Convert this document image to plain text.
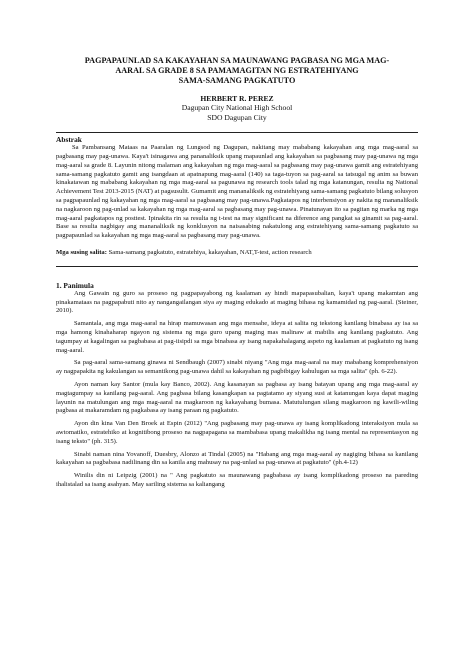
PAGPAPAUNLAD SA KAKAYAHAN SA MAUNAWANG PAGBASA NG MGA MAG-
AARAL SA GRADE 8 SA PAMAMAGITAN NG ESTRATEHIYANG
SAMA-SAMANG PAGKATUTO
HERBERT R. PEREZ
Dagupan City National High School
SDO Dagupan City
Abstrak

Sa Pambansang Mataas na Paaralan ng Lungsod ng Dagupan, nakitang may mababang kakayahan ang mga mag-aaral sa pagbasang may pag-unawa. Kaya't isinagawa ang pananaliksik upang mapaunlad ang kakayahan sa pagbasang may pag-unawa ng mga mag-aaral sa grade 8. Layunin nitong malaman ang kakayahan ng mga mag-aaral sa pagbasang may pag-unawa gamit ang estratehiyang sama-samang pagkatuto gamit ang isangdaan at apatnapung mag-aaral (140) sa taga-tuyon sa pag-aaral sa tatsugal ng anim sa buwan kinakatawan ng mababang kakayahan ng mga mag-aaral sa pagunawa ng research tools talad ng mga katanungan, resulta ng National Achievement Test 2013-2015 (NAT) at pagsusulit. Gumamit ang mananaliksik ng estratehiyang sama-samang pagkatuto bilang solusyon sa pagpapaunlad ng kakayahan ng mga mag-aaral sa pagbasang may pag-unawa.Pagkatapos ng interbensiyon ay nakita ng mananaliksik na nagkaroon ng pag-unlad sa kakayahan ng mga mag-aaral sa pagbasang may pag-unawa. Pinatunayan ito sa pagitan ng marka ng mga mag-aaral pagkatapos ng posttest. Ipinakita rin sa resulta ng t-test na may significant na diference ang pangkat sa ginamit sa pag-aaral. Base sa resulta nagbigay ang mananaliksik ng konklusyon na naisasabing nakatulong ang estratehiyang sama-samang pagkatuto sa pagpapaunlad sa kakayahan ng mga mag-aaral sa pagbasang may pag-unawa.

Mga susing salita: Sama-samang pagkatuto, estratehiya, kakayahan, NAT,T-test, action research
1. Panimula

Ang Gawain ng guro sa proseso ng pagpapayabong ng kaalaman ay hindi mapapasubalian, kaya't upang makamtan ang pinakamataas na pagpapabuti nito ay nangangailangan siya ay maging edukado at maging bihasa ng kamamidad ng pag-aaral. (Steiner, 2010).

Samantala, ang mga mag-aaral na hirap mamuwasan ang mga mensahe, ideya at salita ng tekstong kanilang binabasa ay isa sa mga hamong kinahaharap ngayon ng sistema ng mga guro upang maging mas malinaw at mabilis ang kanilang pagkatuto. Ang tagumpay at kagalingan sa pagbabasa at pag-iisipdi sa mga binabasa ay isang napakahalagang aspeto ng kaalaman at pagkatuto ng isang mag-aaral.

Sa pag-aaral sama-samang ginawa ni Sendbaugh (2007) sinabi niyang "Ang mga mag-aaral na may mababang komprehensiyon ay nagpapakita ng kakulangan sa semantikong pag-unawa dahil sa kakayahan ng pagbibigay kahulugan sa mga salita" (ph. 6-22).

Ayon naman kay Santor (mula kay Banco, 2002). Ang kasanayan sa pagbasa ay isang batayan upang ang mga mag-aaral ay magtagumpay sa kanilang pag-aaral. Ang pagbasa bilang kasangkapan sa pagtatamo ay siyang susi at katanungan kaya dapat maging layunin na matulungan ang mga mag-aaral na magkaroon ng kakayahang bumasa. Matutulungan silang magkaroon ng kawili-wiling pagbasa at makaramdam ng pagkabasa ay isang paraan ng pagkatuto.

Ayon din kina Van Den Broek at Espin (2012) "Ang pagbasang may pag-unawa ay isang komplikadong interaksiyon mula sa awtomatiko, estratehiko at kognitibong proseso na nagpapagana sa mambabasa upang makalikha ng isang mental na representasyon ng isang teksto" (ph. 315).

Sinabi naman nina Yovanoff, Duesbry, Alonzo at Tindal (2005) na "Habang ang mga mag-aaral ay nagiging bihasa sa kanilang kakayahan sa pagbabasa nadilinang din sa kanila ang mahusay na pag-unlad sa pag-unawa at pagkatuto" (ph.4-12)

Winilis din ni Leipzig (2001) na " Ang pagkatuto sa maunawang pagbabasa ay isang komplikadong proseso na pareding ihalistalad sa isang asahyan. May sariling sistema sa kaliangang
